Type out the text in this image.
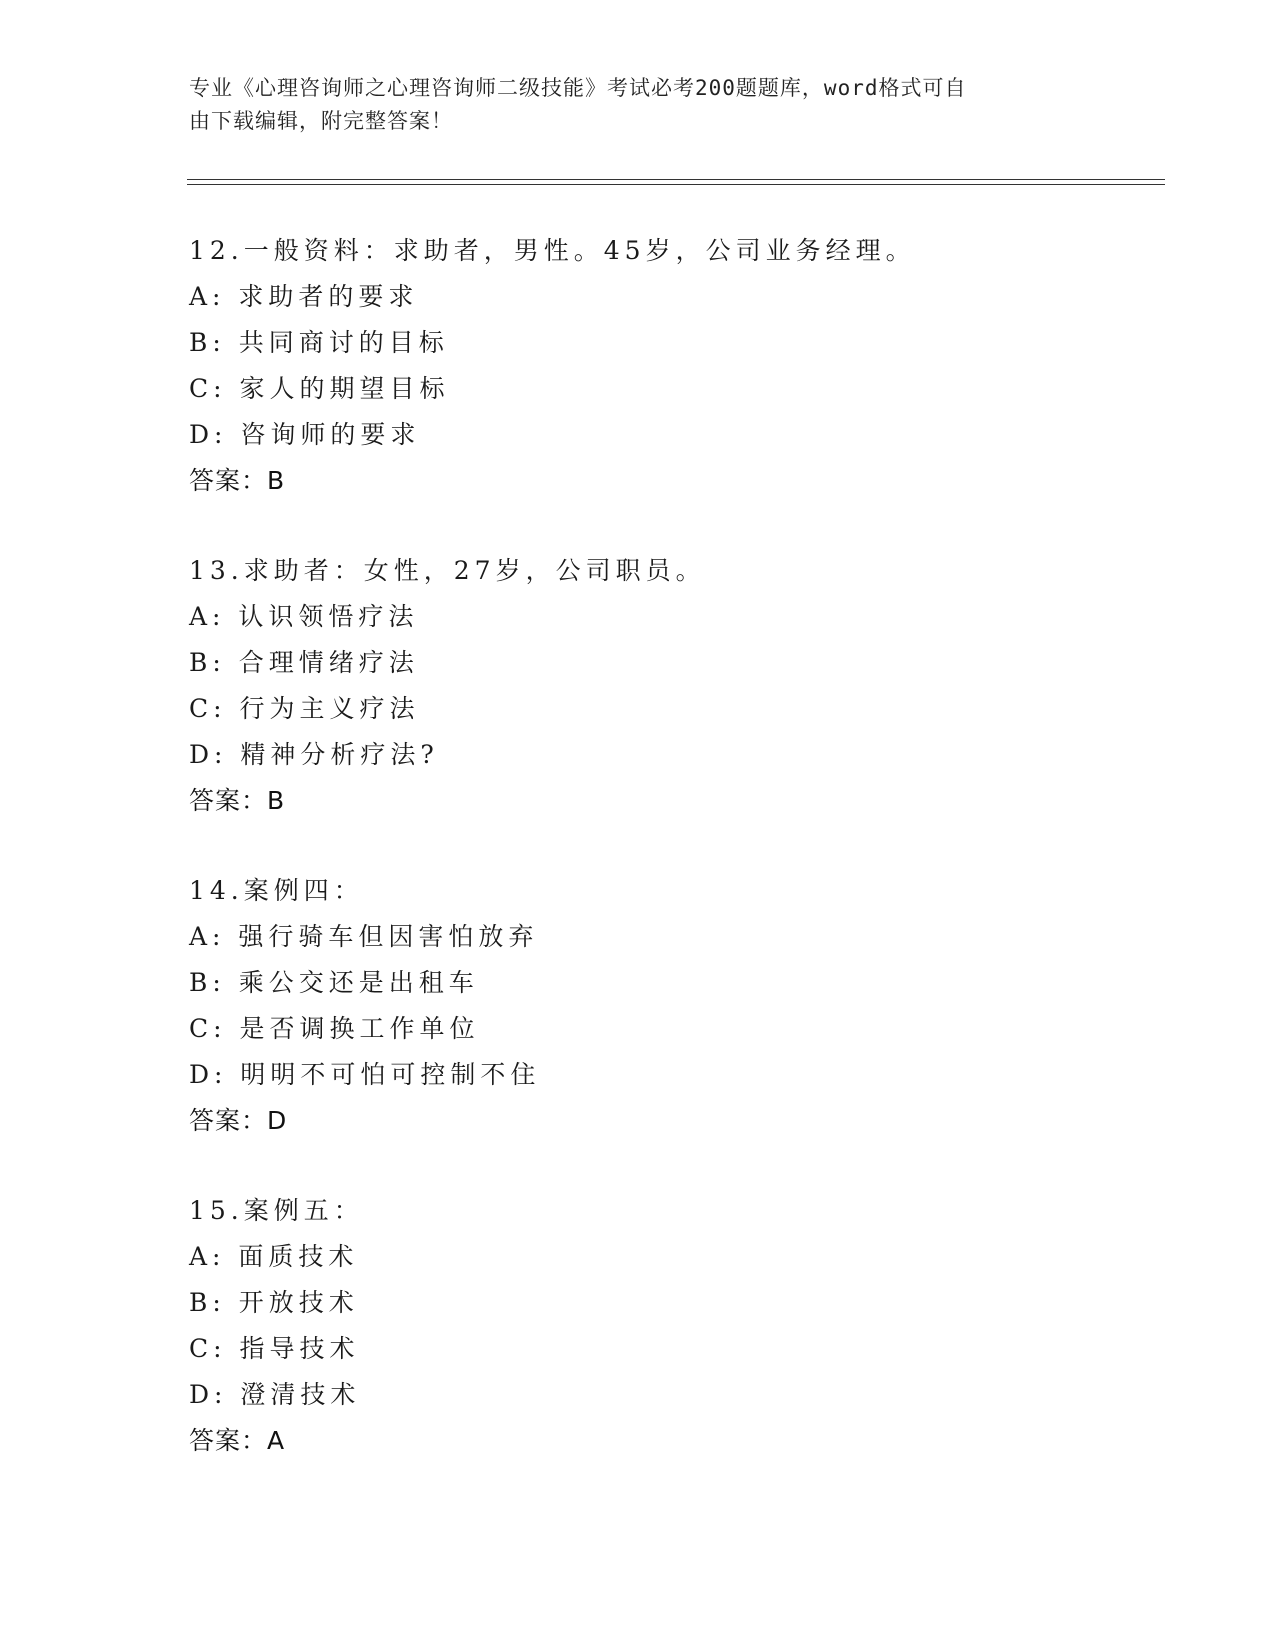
专业《心理咨询师之心理咨询师二级技能》考试必考200题题库，word格式可自
由下载编辑，附完整答案！
12.一般资料：求助者，男性。45岁，公司业务经理。
A: 求助者的要求
B: 共同商讨的目标
C: 家人的期望目标
D: 咨询师的要求
答案：B
13.求助者：女性，27岁，公司职员。
A: 认识领悟疗法
B: 合理情绪疗法
C: 行为主义疗法
D: 精神分析疗法?
答案：B
14.案例四：
A: 强行骑车但因害怕放弃
B: 乘公交还是出租车
C: 是否调换工作单位
D: 明明不可怕可控制不住
答案：D
15.案例五：
A: 面质技术
B: 开放技术
C: 指导技术
D: 澄清技术
答案：A
